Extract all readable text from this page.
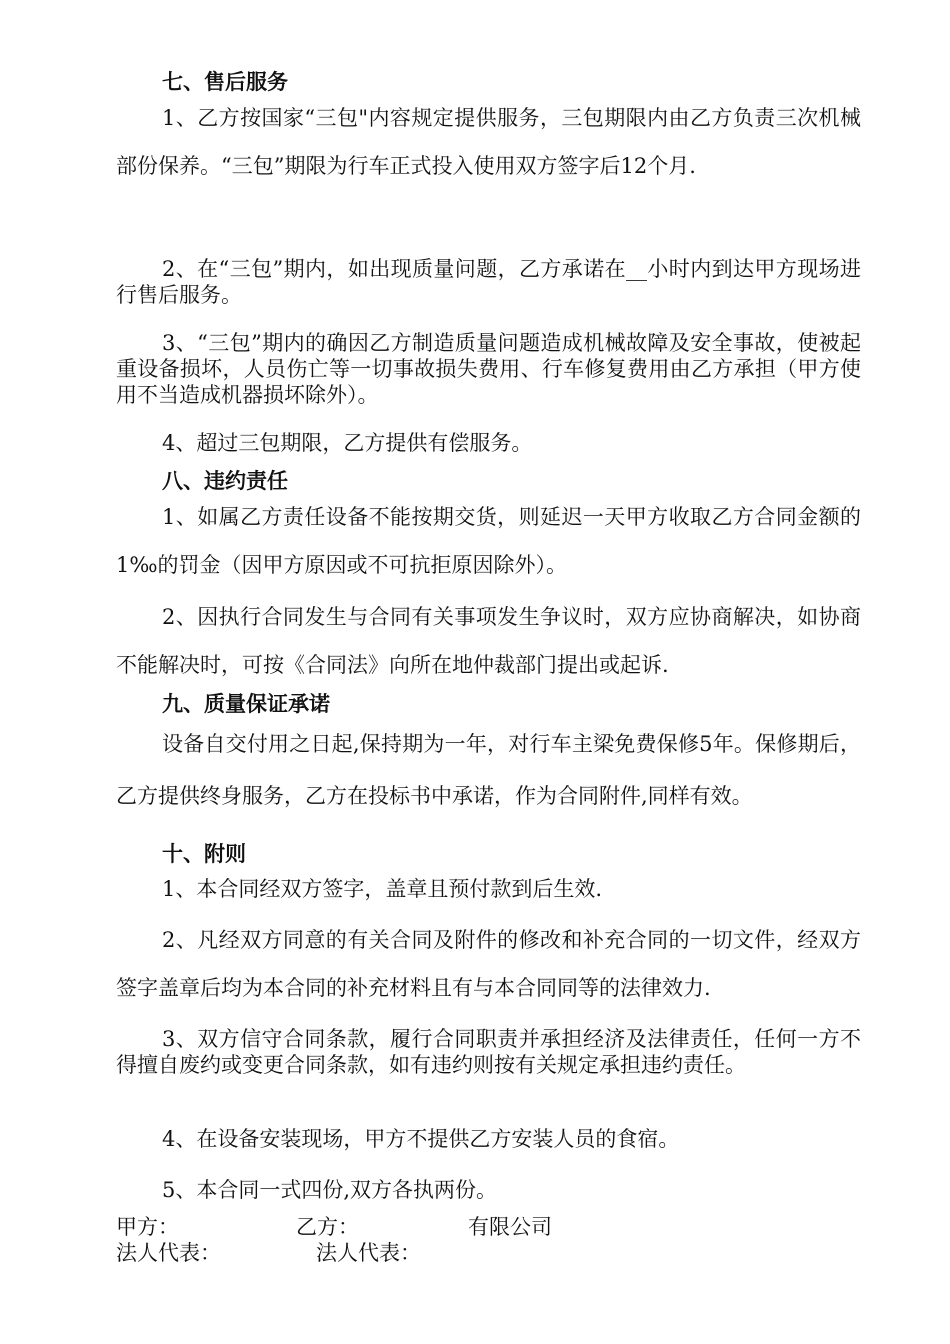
七、售后服务

1、乙方按国家“三包"内容规定提供服务，三包期限内由乙方负责三次机械部份保养。“三包”期限为行车正式投入使用双方签字后12个月.

2、在“三包”期内，如出现质量问题，乙方承诺在__小时内到达甲方现场进行售后服务。

3、“三包”期内的确因乙方制造质量问题造成机械故障及安全事故，使被起重设备损坏，人员伤亡等一切事故损失费用、行车修复费用由乙方承担（甲方使用不当造成机器损坏除外）。

4、超过三包期限，乙方提供有偿服务。

八、违约责任

1、如属乙方责任设备不能按期交货，则延迟一天甲方收取乙方合同金额的1‰的罚金（因甲方原因或不可抗拒原因除外）。

2、因执行合同发生与合同有关事项发生争议时，双方应协商解决，如协商不能解决时，可按《合同法》向所在地仲裁部门提出或起诉.

九、质量保证承诺

设备自交付用之日起,保持期为一年，对行车主梁免费保修5年。保修期后，乙方提供终身服务，乙方在投标书中承诺，作为合同附件,同样有效。

十、附则

1、本合同经双方签字，盖章且预付款到后生效.

2、凡经双方同意的有关合同及附件的修改和补充合同的一切文件，经双方签字盖章后均为本合同的补充材料且有与本合同同等的法律效力.

3、双方信守合同条款，履行合同职责并承担经济及法律责任，任何一方不得擅自废约或变更合同条款，如有违约则按有关规定承担违约责任。

4、在设备安装现场，甲方不提供乙方安装人员的食宿。

5、本合同一式四份,双方各执两份。

甲方：	乙方：	有限公司
法人代表：	法人代表：
